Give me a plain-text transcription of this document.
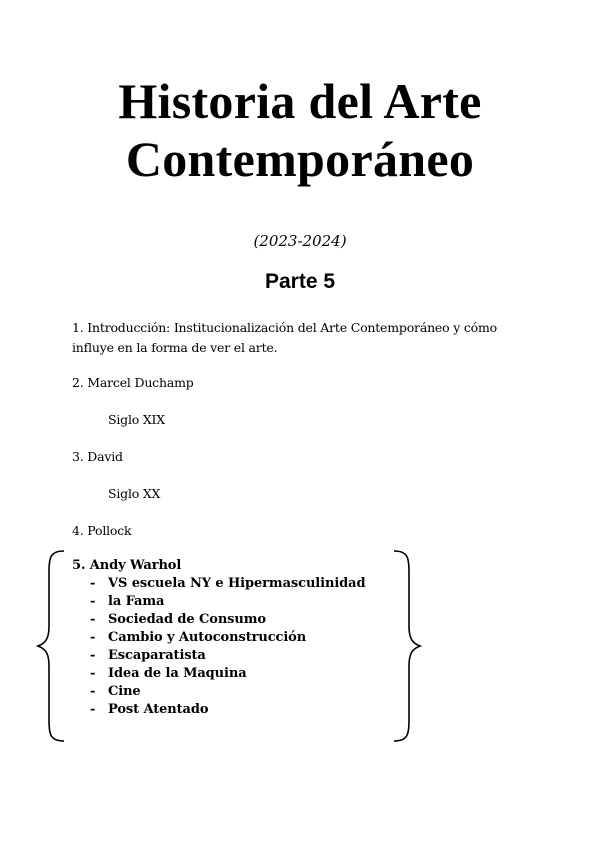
Historia del Arte
Contemporáneo
(2023-2024)
Parte 5
1. Introducción: Institucionalización del Arte Contemporáneo y cómo
influye en la forma de ver el arte.
2. Marcel Duchamp
Siglo XIX
3. David
Siglo XX
4. Pollock
5. Andy Warhol
- VS escuela NY e Hipermasculinidad
- la Fama
- Sociedad de Consumo
- Cambio y Autoconstrucción
- Escaparatista
- Idea de la Maquina
- Cine
- Post Atentado
